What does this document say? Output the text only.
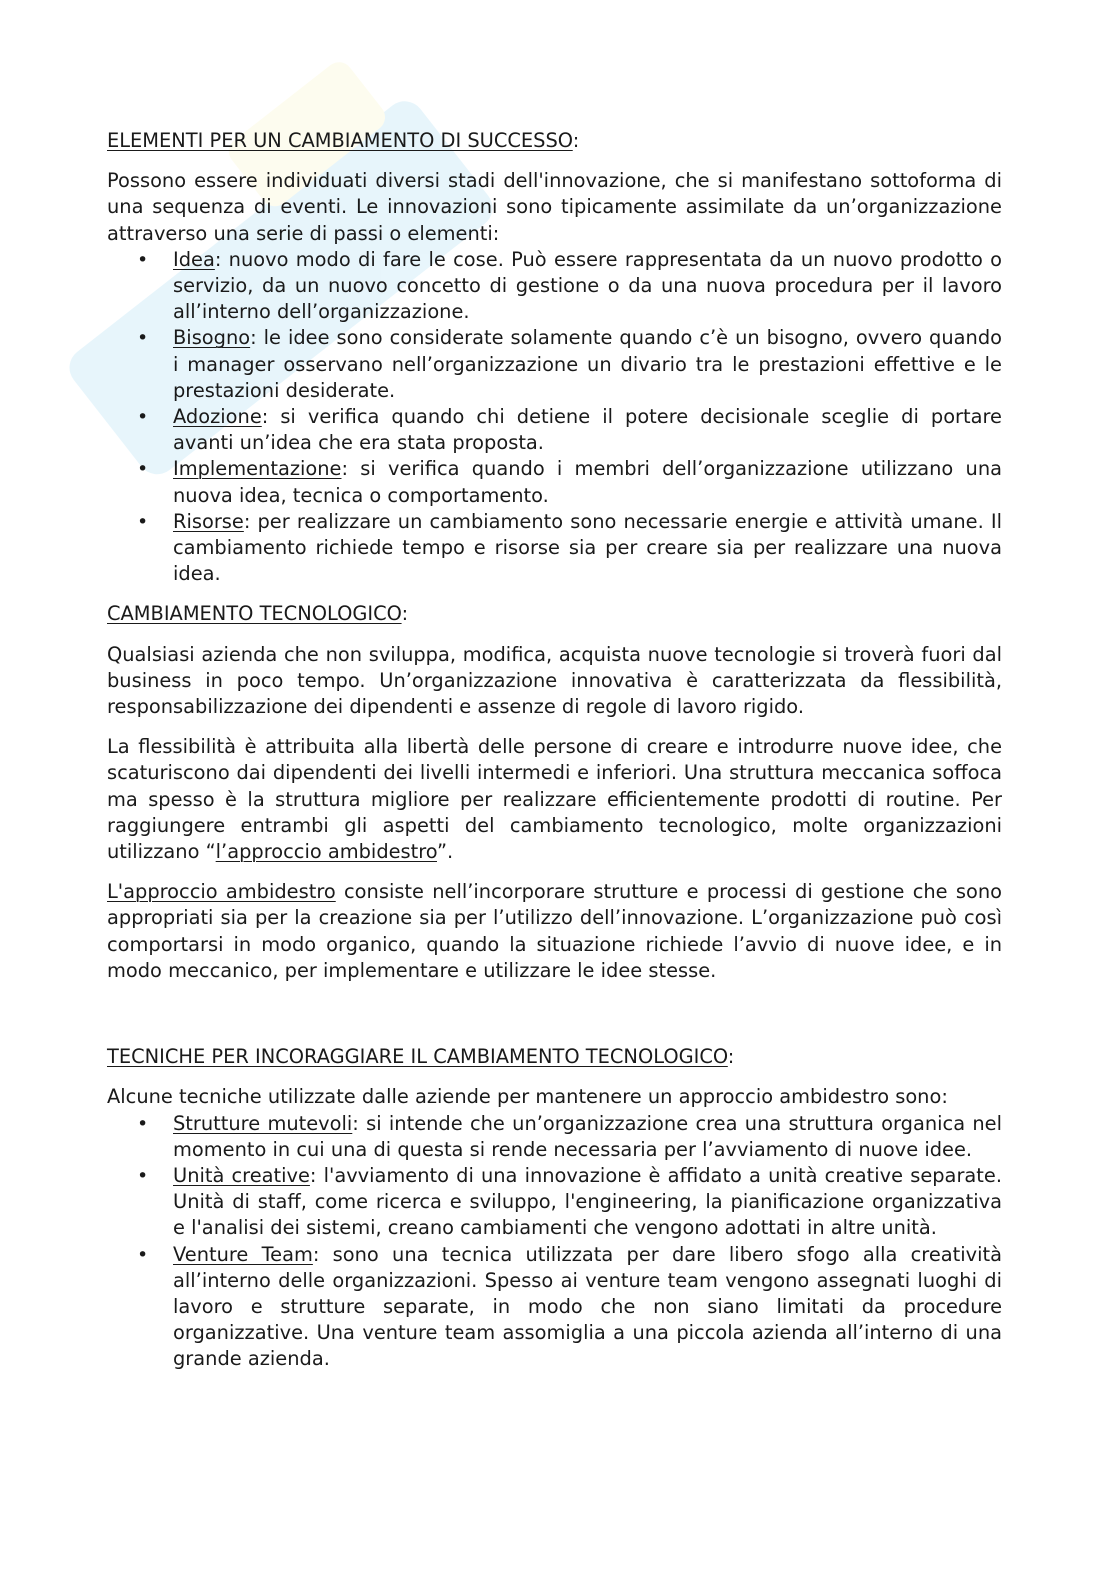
ELEMENTI PER UN CAMBIAMENTO DI SUCCESSO:

Possono essere individuati diversi stadi dell'innovazione, che si manifestano sottoforma di una sequenza di eventi. Le innovazioni sono tipicamente assimilate da un’organizzazione attraverso una serie di passi o elementi:

• Idea: nuovo modo di fare le cose. Può essere rappresentata da un nuovo prodotto o servizio, da un nuovo concetto di gestione o da una nuova procedura per il lavoro all’interno dell’organizzazione.
• Bisogno: le idee sono considerate solamente quando c’è un bisogno, ovvero quando i manager osservano nell’organizzazione un divario tra le prestazioni effettive e le prestazioni desiderate.
• Adozione: si verifica quando chi detiene il potere decisionale sceglie di portare avanti un’idea che era stata proposta.
• Implementazione: si verifica quando i membri dell’organizzazione utilizzano una nuova idea, tecnica o comportamento.
• Risorse: per realizzare un cambiamento sono necessarie energie e attività umane. Il cambiamento richiede tempo e risorse sia per creare sia per realizzare una nuova idea.
CAMBIAMENTO TECNOLOGICO:

Qualsiasi azienda che non sviluppa, modifica, acquista nuove tecnologie si troverà fuori dal business in poco tempo. Un’organizzazione innovativa è caratterizzata da flessibilità, responsabilizzazione dei dipendenti e assenze di regole di lavoro rigido.

La flessibilità è attribuita alla libertà delle persone di creare e introdurre nuove idee, che scaturiscono dai dipendenti dei livelli intermedi e inferiori. Una struttura meccanica soffoca ma spesso è la struttura migliore per realizzare efficientemente prodotti di routine. Per raggiungere entrambi gli aspetti del cambiamento tecnologico, molte organizzazioni utilizzano “l’approccio ambidestro”.

L'approccio ambidestro consiste nell’incorporare strutture e processi di gestione che sono appropriati sia per la creazione sia per l’utilizzo dell’innovazione. L’organizzazione può così comportarsi in modo organico, quando la situazione richiede l’avvio di nuove idee, e in modo meccanico, per implementare e utilizzare le idee stesse.

TECNICHE PER INCORAGGIARE IL CAMBIAMENTO TECNOLOGICO:

Alcune tecniche utilizzate dalle aziende per mantenere un approccio ambidestro sono:

• Strutture mutevoli: si intende che un’organizzazione crea una struttura organica nel momento in cui una di questa si rende necessaria per l’avviamento di nuove idee.
• Unità creative: l'avviamento di una innovazione è affidato a unità creative separate. Unità di staff, come ricerca e sviluppo, l'engineering, la pianificazione organizzativa e l'analisi dei sistemi, creano cambiamenti che vengono adottati in altre unità.
• Venture Team: sono una tecnica utilizzata per dare libero sfogo alla creatività all’interno delle organizzazioni. Spesso ai venture team vengono assegnati luoghi di lavoro e strutture separate, in modo che non siano limitati da procedure organizzative. Una venture team assomiglia a una piccola azienda all’interno di una grande azienda.
